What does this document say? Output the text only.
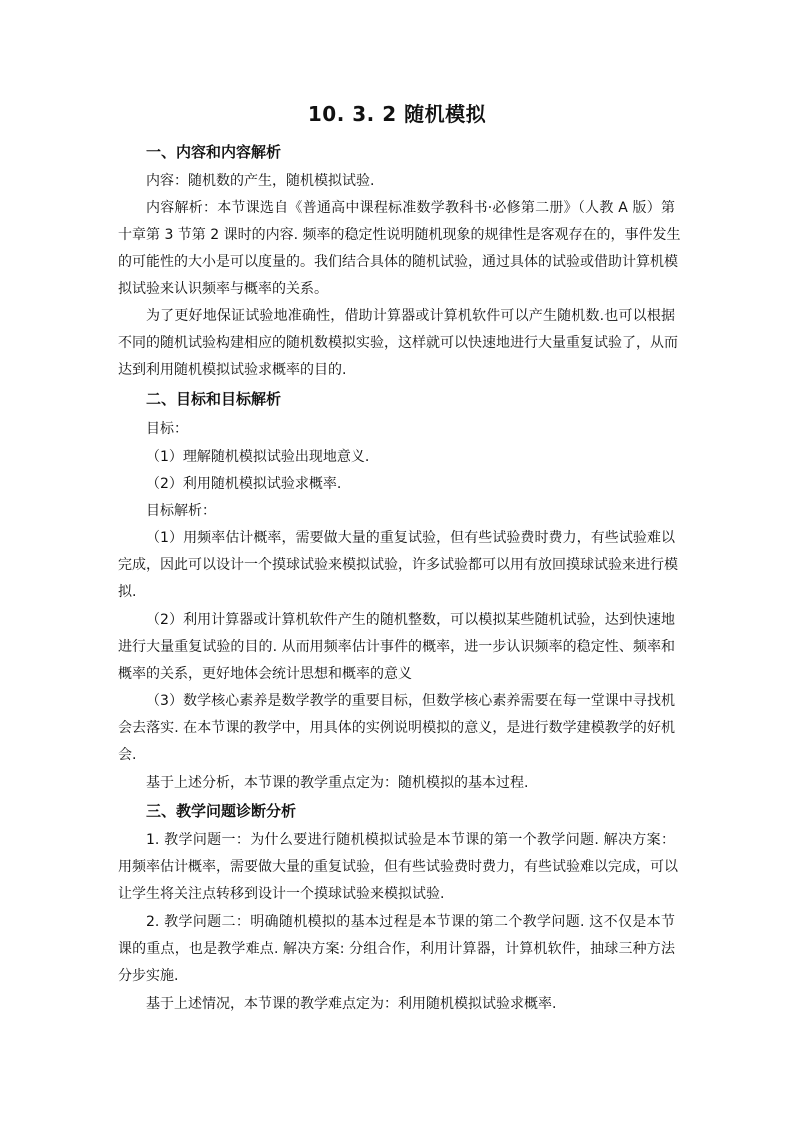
10. 3. 2 随机模拟
一、内容和内容解析
内容：随机数的产生，随机模拟试验.
内容解析：本节课选自《普通高中课程标准数学教科书·必修第二册》（人教 A 版）第
十章第 3 节第 2 课时的内容. 频率的稳定性说明随机现象的规律性是客观存在的，事件发生
的可能性的大小是可以度量的。我们结合具体的随机试验，通过具体的试验或借助计算机模
拟试验来认识频率与概率的关系。
为了更好地保证试验地准确性，借助计算器或计算机软件可以产生随机数.也可以根据
不同的随机试验构建相应的随机数模拟实验，这样就可以快速地进行大量重复试验了，从而
达到利用随机模拟试验求概率的目的.
二、目标和目标解析
目标：
（1）理解随机模拟试验出现地意义.
（2）利用随机模拟试验求概率.
目标解析：
（1）用频率估计概率，需要做大量的重复试验，但有些试验费时费力，有些试验难以
完成，因此可以设计一个摸球试验来模拟试验，许多试验都可以用有放回摸球试验来进行模
拟.
（2）利用计算器或计算机软件产生的随机整数，可以模拟某些随机试验，达到快速地
进行大量重复试验的目的. 从而用频率估计事件的概率，进一步认识频率的稳定性、频率和
概率的关系，更好地体会统计思想和概率的意义
（3）数学核心素养是数学教学的重要目标，但数学核心素养需要在每一堂课中寻找机
会去落实. 在本节课的教学中，用具体的实例说明模拟的意义，是进行数学建模教学的好机
会.
基于上述分析，本节课的教学重点定为：随机模拟的基本过程.
三、教学问题诊断分析
1. 教学问题一：为什么要进行随机模拟试验是本节课的第一个教学问题. 解决方案：
用频率估计概率，需要做大量的重复试验，但有些试验费时费力，有些试验难以完成，可以
让学生将关注点转移到设计一个摸球试验来模拟试验.
2. 教学问题二：明确随机模拟的基本过程是本节课的第二个教学问题. 这不仅是本节
课的重点，也是教学难点. 解决方案: 分组合作，利用计算器，计算机软件，抽球三种方法
分步实施.
基于上述情况，本节课的教学难点定为：利用随机模拟试验求概率.
